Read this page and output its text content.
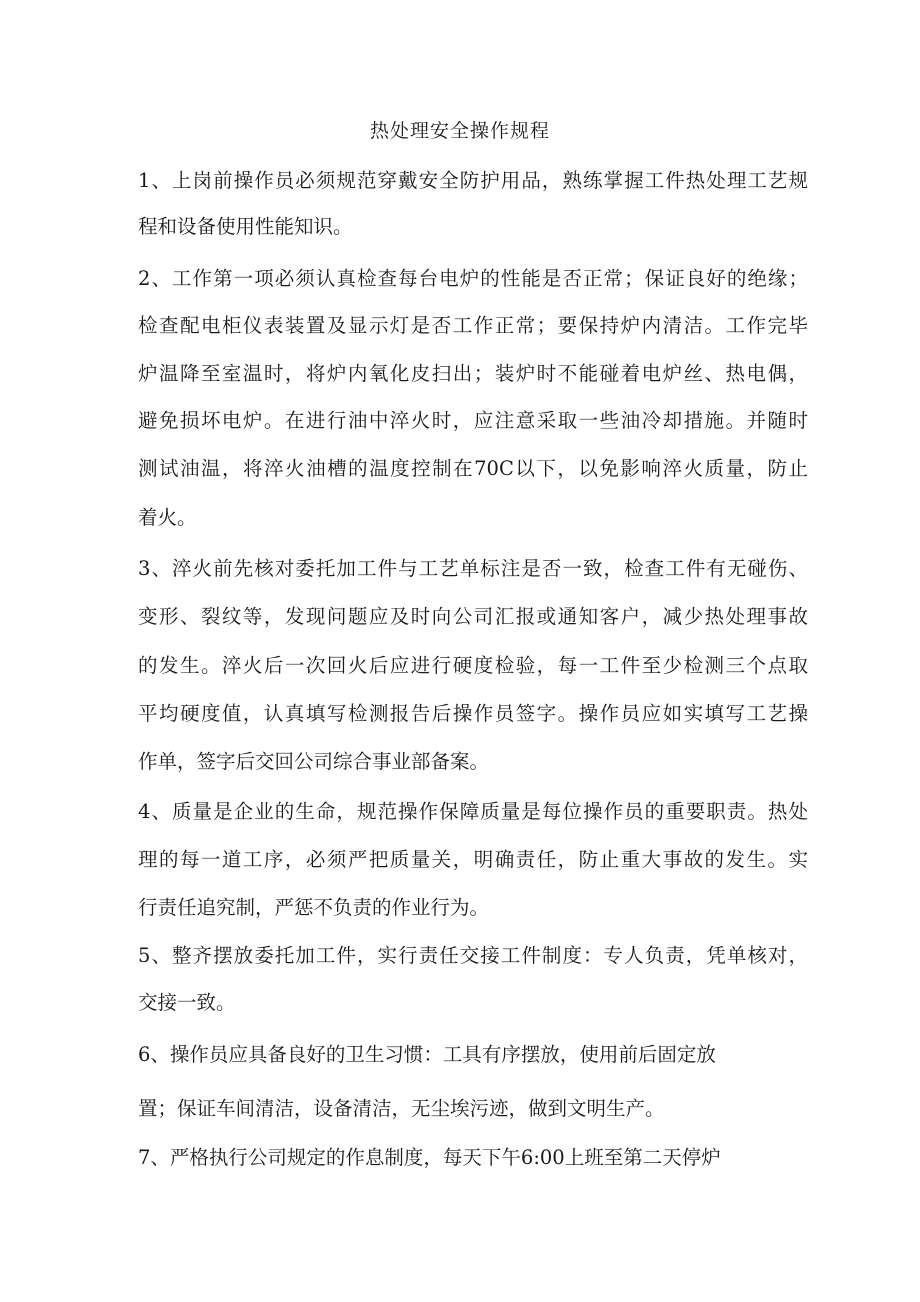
热处理安全操作规程

1、上岗前操作员必须规范穿戴安全防护用品，熟练掌握工件热处理工艺规

程和设备使用性能知识。

2、工作第一项必须认真检查每台电炉的性能是否正常；保证良好的绝缘；

检查配电柜仪表装置及显示灯是否工作正常；要保持炉内清洁。工作完毕

炉温降至室温时，将炉内氧化皮扫出；装炉时不能碰着电炉丝、热电偶，

避免损坏电炉。在进行油中淬火时，应注意采取一些油冷却措施。并随时

测试油温，将淬火油槽的温度控制在70C以下，以免影响淬火质量，防止

着火。

3、淬火前先核对委托加工件与工艺单标注是否一致，检查工件有无碰伤、

变形、裂纹等，发现问题应及时向公司汇报或通知客户，减少热处理事故

的发生。淬火后一次回火后应进行硬度检验，每一工件至少检测三个点取

平均硬度值，认真填写检测报告后操作员签字。操作员应如实填写工艺操

作单，签字后交回公司综合事业部备案。

4、质量是企业的生命，规范操作保障质量是每位操作员的重要职责。热处

理的每一道工序，必须严把质量关，明确责任，防止重大事故的发生。实

行责任追究制，严惩不负责的作业行为。

5、整齐摆放委托加工件，实行责任交接工件制度：专人负责，凭单核对，

交接一致。

6、操作员应具备良好的卫生习惯：工具有序摆放，使用前后固定放

置；保证车间清洁，设备清洁，无尘埃污迹，做到文明生产。

7、严格执行公司规定的作息制度，每天下午6:00上班至第二天停炉
